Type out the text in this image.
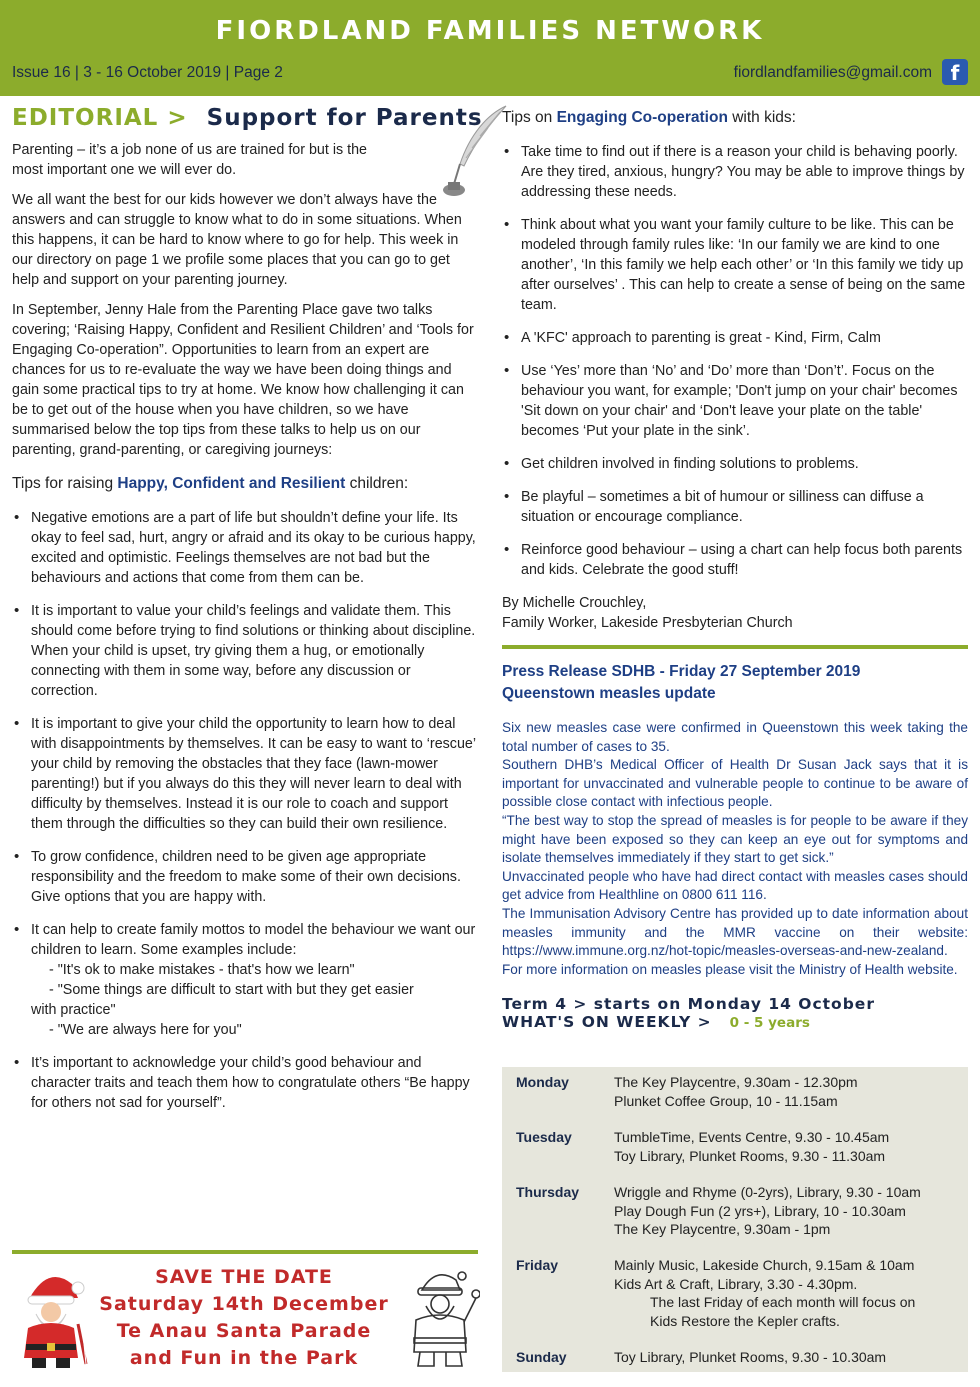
FIORDLAND FAMILIES NETWORK
Issue 16 | 3 - 16 October 2019 | Page 2	fiordlandfamilies@gmail.com f
EDITORIAL > Support for Parents

Parenting – it’s a job none of us are trained for but is the most important one we will ever do.

We all want the best for our kids however we don’t always have the answers and can struggle to know what to do in some situations. When this happens, it can be hard to know where to go for help. This week in our directory on page 1 we profile some places that you can go to get help and support on your parenting journey.

In September, Jenny Hale from the Parenting Place gave two talks covering; ‘Raising Happy, Confident and Resilient Children’ and ‘Tools for Engaging Co-operation”. Opportunities to learn from an expert are chances for us to re-evaluate the way we have been doing things and gain some practical tips to try at home. We know how challenging it can be to get out of the house when you have children, so we have summarised below the top tips from these talks to help us on our parenting, grand-parenting, or caregiving journeys:

Tips for raising Happy, Confident and Resilient children:
• Negative emotions are a part of life but shouldn’t define your life. Its okay to feel sad, hurt, angry or afraid and its okay to be curious happy, excited and optimistic. Feelings themselves are not bad but the behaviours and actions that come from them can be.
• It is important to value your child’s feelings and validate them. This should come before trying to find solutions or thinking about discipline. When your child is upset, try giving them a hug, or emotionally connecting with them in some way, before any discussion or correction.
• It is important to give your child the opportunity to learn how to deal with disappointments by themselves. It can be easy to want to ‘rescue’ your child by removing the obstacles that they face (lawn-mower parenting!) but if you always do this they will never learn to deal with difficulty by themselves. Instead it is our role to coach and support them through the difficulties so they can build their own resilience.
• To grow confidence, children need to be given age appropriate responsibility and the freedom to make some of their own decisions. Give options that you are happy with.
• It can help to create family mottos to model the behaviour we want our children to learn. Some examples include:
- "It's ok to make mistakes - that's how we learn"
- "Some things are difficult to start with but they get easier
with practice"
- "We are always here for you"
• It’s important to acknowledge your child’s good behaviour and character traits and teach them how to congratulate others “Be happy for others not sad for yourself”.
SAVE THE DATE
Saturday 14th December
Te Anau Santa Parade
and Fun in the Park
Tips on Engaging Co-operation with kids:
• Take time to find out if there is a reason your child is behaving poorly. Are they tired, anxious, hungry? You may be able to improve things by addressing these needs.
• Think about what you want your family culture to be like. This can be modeled through family rules like: ‘In our family we are kind to one another’, ‘In this family we help each other’ or ‘In this family we tidy up after ourselves’ . This can help to create a sense of being on the same team.
• A 'KFC' approach to parenting is great - Kind, Firm, Calm
• Use ‘Yes’ more than ‘No’ and ‘Do’ more than ‘Don’t’. Focus on the behaviour you want, for example; 'Don't jump on your chair' becomes 'Sit down on your chair' and ‘Don't leave your plate on the table' becomes ‘Put your plate in the sink’.
• Get children involved in finding solutions to problems.
• Be playful – sometimes a bit of humour or silliness can diffuse a situation or encourage compliance.
• Reinforce good behaviour – using a chart can help focus both parents and kids. Celebrate the good stuff!
By Michelle Crouchley,
Family Worker, Lakeside Presbyterian Church
Press Release SDHB - Friday 27 September 2019
Queenstown measles update
Six new measles case were confirmed in Queenstown this week taking the total number of cases to 35.
Southern DHB’s Medical Officer of Health Dr Susan Jack says that it is important for unvaccinated and vulnerable people to continue to be aware of possible close contact with infectious people.
“The best way to stop the spread of measles is for people to be aware if they might have been exposed so they can keep an eye out for symptoms and isolate themselves immediately if they start to get sick.”
Unvaccinated people who have had direct contact with measles cases should get advice from Healthline on 0800 611 116.
The Immunisation Advisory Centre has provided up to date information about measles immunity and the MMR vaccine on their website: https://www.immune.org.nz/hot-topic/measles-overseas-and-new-zealand. For more information on measles please visit the Ministry of Health website.
Term 4 > starts on Monday 14 October
WHAT'S ON WEEKLY > 0 - 5 years
Monday	The Key Playcentre, 9.30am - 12.30pm
Plunket Coffee Group, 10 - 11.15am
Tuesday	TumbleTime, Events Centre, 9.30 - 10.45am
Toy Library, Plunket Rooms, 9.30 - 11.30am
Thursday Wriggle and Rhyme (0-2yrs), Library, 9.30 - 10am
Play Dough Fun (2 yrs+), Library, 10 - 10.30am
The Key Playcentre, 9.30am - 1pm
Friday	Mainly Music, Lakeside Church, 9.15am & 10am
Kids Art & Craft, Library, 3.30 - 4.30pm.
The last Friday of each month will focus on
Kids Restore the Kepler crafts.
Sunday	Toy Library, Plunket Rooms, 9.30 - 10.30am
